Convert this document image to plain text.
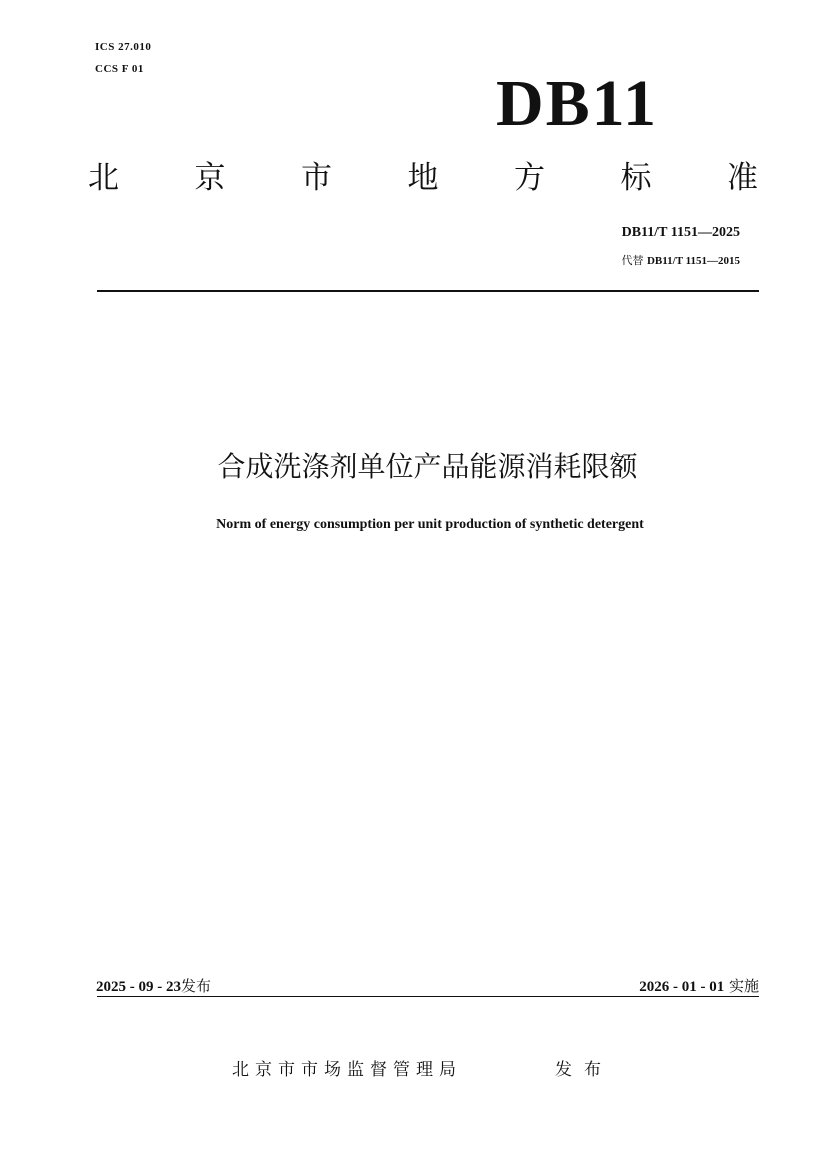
ICS 27.010
CCS F 01	DB11
北 京 市 地 方 标 准
DB11/T 1151—2025
代替 DB11/T 1151—2015
合成洗涤剂单位产品能源消耗限额
Norm of energy consumption per unit production of synthetic detergent
2025 - 09 - 23发布	2026 - 01 - 01 实施
北京市市场监督管理局	发布
